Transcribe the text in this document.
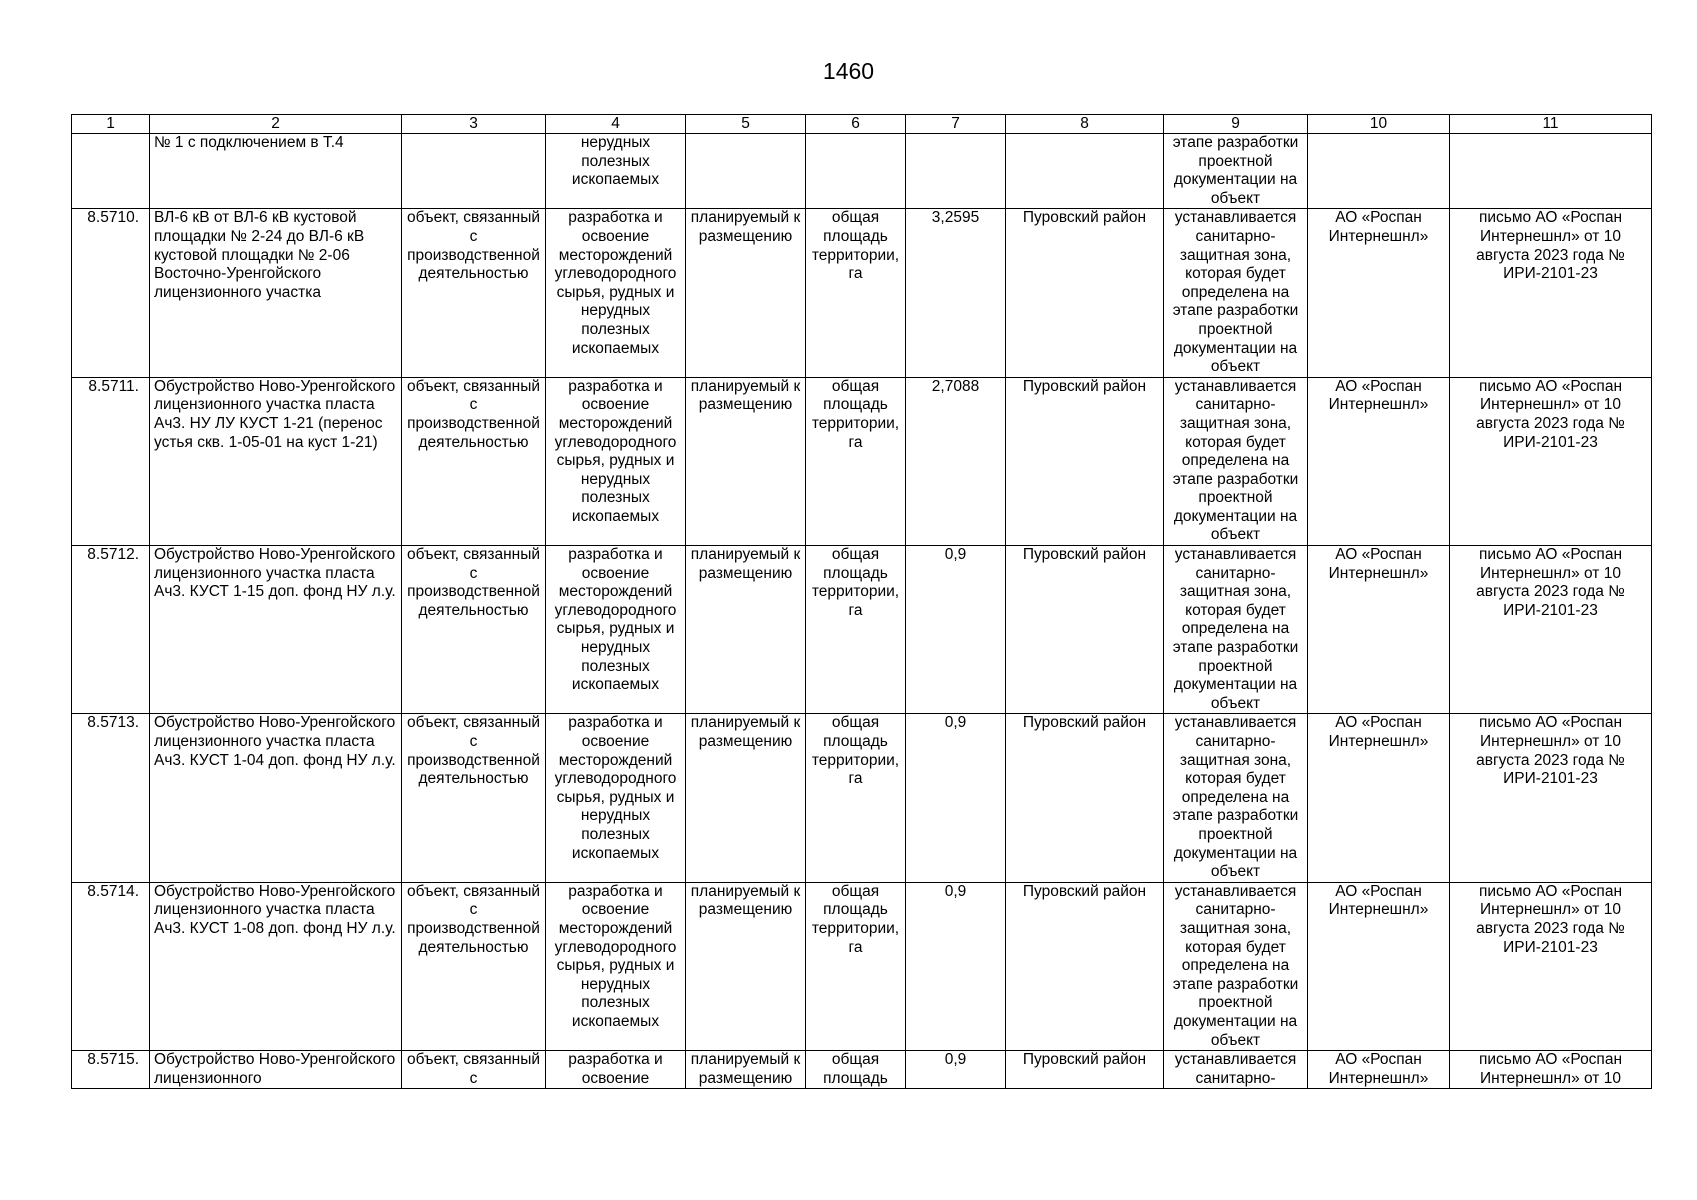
1460
1	2	3	4	5	6	7	8	9	10	11
	№ 1 с подключением в Т.4		нерудных полезных ископаемых					этапе разработки проектной документации на объект		
8.5710.	ВЛ-6 кВ от ВЛ-6 кВ кустовой площадки № 2-24 до ВЛ-6 кВ кустовой площадки № 2-06 Восточно-Уренгойского лицензионного участка	объект, связанный с производственной деятельностью	разработка и освоение месторождений углеводородного сырья, рудных и нерудных полезных ископаемых	планируемый к размещению	общая площадь территории, га	3,2595	Пуровский район	устанавливается санитарно-защитная зона, которая будет определена на этапе разработки проектной документации на объект	АО «Роспан Интернешнл»	письмо АО «Роспан Интернешнл» от 10 августа 2023 года № ИРИ-2101-23
8.5711.	Обустройство Ново-Уренгойского лицензионного участка пласта Ач3. НУ ЛУ КУСТ 1-21 (перенос устья скв. 1-05-01 на куст 1-21)	объект, связанный с производственной деятельностью	разработка и освоение месторождений углеводородного сырья, рудных и нерудных полезных ископаемых	планируемый к размещению	общая площадь территории, га	2,7088	Пуровский район	устанавливается санитарно-защитная зона, которая будет определена на этапе разработки проектной документации на объект	АО «Роспан Интернешнл»	письмо АО «Роспан Интернешнл» от 10 августа 2023 года № ИРИ-2101-23
8.5712.	Обустройство Ново-Уренгойского лицензионного участка пласта Ач3. КУСТ 1-15 доп. фонд НУ л.у.	объект, связанный с производственной деятельностью	разработка и освоение месторождений углеводородного сырья, рудных и нерудных полезных ископаемых	планируемый к размещению	общая площадь территории, га	0,9	Пуровский район	устанавливается санитарно-защитная зона, которая будет определена на этапе разработки проектной документации на объект	АО «Роспан Интернешнл»	письмо АО «Роспан Интернешнл» от 10 августа 2023 года № ИРИ-2101-23
8.5713.	Обустройство Ново-Уренгойского лицензионного участка пласта Ач3. КУСТ 1-04 доп. фонд НУ л.у.	объект, связанный с производственной деятельностью	разработка и освоение месторождений углеводородного сырья, рудных и нерудных полезных ископаемых	планируемый к размещению	общая площадь территории, га	0,9	Пуровский район	устанавливается санитарно-защитная зона, которая будет определена на этапе разработки проектной документации на объект	АО «Роспан Интернешнл»	письмо АО «Роспан Интернешнл» от 10 августа 2023 года № ИРИ-2101-23
8.5714.	Обустройство Ново-Уренгойского лицензионного участка пласта Ач3. КУСТ 1-08 доп. фонд НУ л.у.	объект, связанный с производственной деятельностью	разработка и освоение месторождений углеводородного сырья, рудных и нерудных полезных ископаемых	планируемый к размещению	общая площадь территории, га	0,9	Пуровский район	устанавливается санитарно-защитная зона, которая будет определена на этапе разработки проектной документации на объект	АО «Роспан Интернешнл»	письмо АО «Роспан Интернешнл» от 10 августа 2023 года № ИРИ-2101-23
8.5715.	Обустройство Ново-Уренгойского лицензионного	объект, связанный с	разработка и освоение	планируемый к размещению	общая площадь	0,9	Пуровский район	устанавливается санитарно-	АО «Роспан Интернешнл»	письмо АО «Роспан Интернешнл» от 10
